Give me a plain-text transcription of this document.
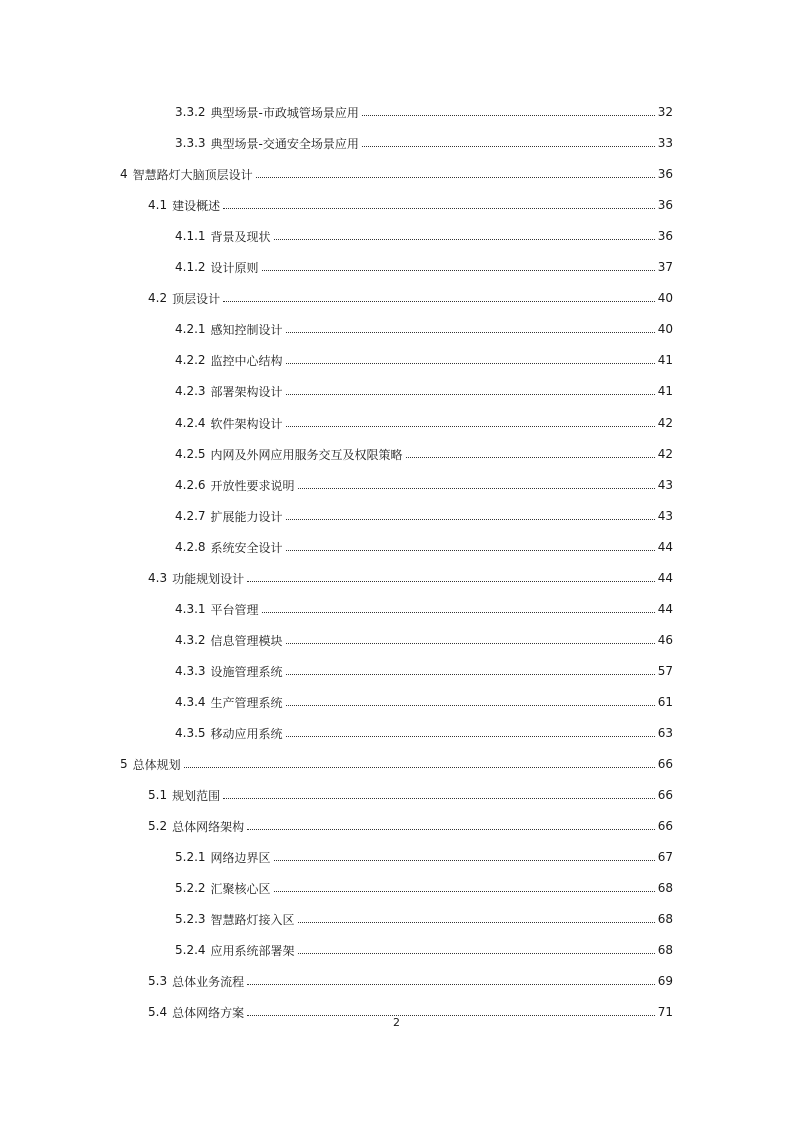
3.3.2 典型场景-市政城管场景应用	32
3.3.3 典型场景-交通安全场景应用	33
4 智慧路灯大脑顶层设计	36
4.1 建设概述	36
4.1.1 背景及现状	36
4.1.2 设计原则	37
4.2 顶层设计	40
4.2.1 感知控制设计	40
4.2.2 监控中心结构	41
4.2.3 部署架构设计	41
4.2.4 软件架构设计	42
4.2.5 内网及外网应用服务交互及权限策略	42
4.2.6 开放性要求说明	43
4.2.7 扩展能力设计	43
4.2.8 系统安全设计	44
4.3 功能规划设计	44
4.3.1 平台管理	44
4.3.2 信息管理模块	46
4.3.3 设施管理系统	57
4.3.4 生产管理系统	61
4.3.5 移动应用系统	63
5 总体规划	66
5.1 规划范围	66
5.2 总体网络架构	66
5.2.1 网络边界区	67
5.2.2 汇聚核心区	68
5.2.3 智慧路灯接入区	68
5.2.4 应用系统部署架	68
5.3 总体业务流程	69
5.4 总体网络方案	71
2
